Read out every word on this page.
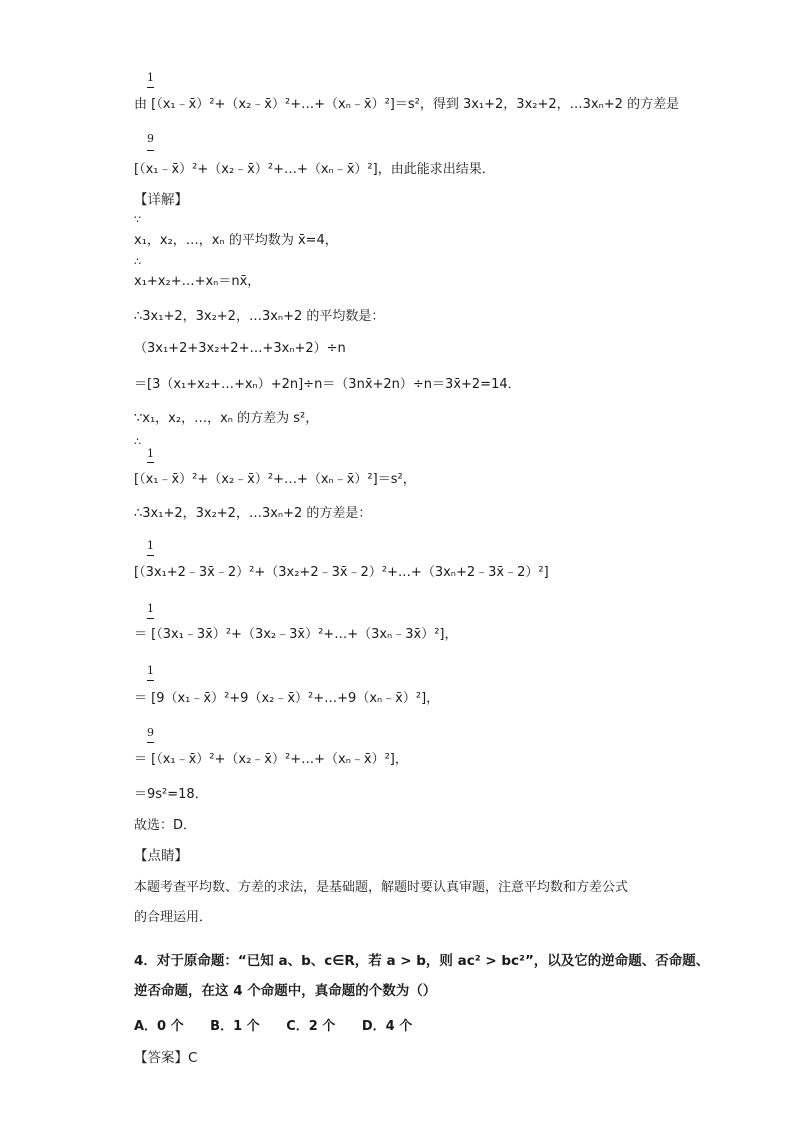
1
由 [（x₁﹣x̄）²+（x₂﹣x̄）²+…+（xₙ﹣x̄）²]＝s²，得到 3x₁+2，3x₂+2，…3xₙ+2 的方差是
9
[（x₁﹣x̄）²+（x₂﹣x̄）²+…+（xₙ﹣x̄）²]，由此能求出结果．
【详解】
∵
x₁，x₂，…，xₙ 的平均数为 x̄=4，
∴
x₁+x₂+…+xₙ＝nx̄，
∴3x₁+2，3x₂+2，…3xₙ+2 的平均数是：
（3x₁+2+3x₂+2+…+3xₙ+2）÷n
＝[3（x₁+x₂+…+xₙ）+2n]÷n＝（3nx̄+2n）÷n＝3x̄+2=14．
∵x₁，x₂，…，xₙ 的方差为 s²，
∴
1
[（x₁﹣x̄）²+（x₂﹣x̄）²+…+（xₙ﹣x̄）²]＝s²，
∴3x₁+2，3x₂+2，…3xₙ+2 的方差是：
1
[（3x₁+2﹣3x̄﹣2）²+（3x₂+2﹣3x̄﹣2）²+…+（3xₙ+2﹣3x̄﹣2）²]
1
＝ [（3x₁﹣3x̄）²+（3x₂﹣3x̄）²+…+（3xₙ﹣3x̄）²]，
1
＝ [9（x₁﹣x̄）²+9（x₂﹣x̄）²+…+9（xₙ﹣x̄）²]，
9
＝ [（x₁﹣x̄）²+（x₂﹣x̄）²+…+（xₙ﹣x̄）²]，
＝9s²=18．
故选：D．
【点睛】
本题考查平均数、方差的求法，是基础题，解题时要认真审题，注意平均数和方差公式
的合理运用．
4．对于原命题：“已知 a、b、c∈R，若 a > b，则 ac² > bc²”，以及它的逆命题、否命题、
逆否命题，在这 4 个命题中，真命题的个数为（）
A．0 个 B．1 个 C．2 个 D．4 个
【答案】C
